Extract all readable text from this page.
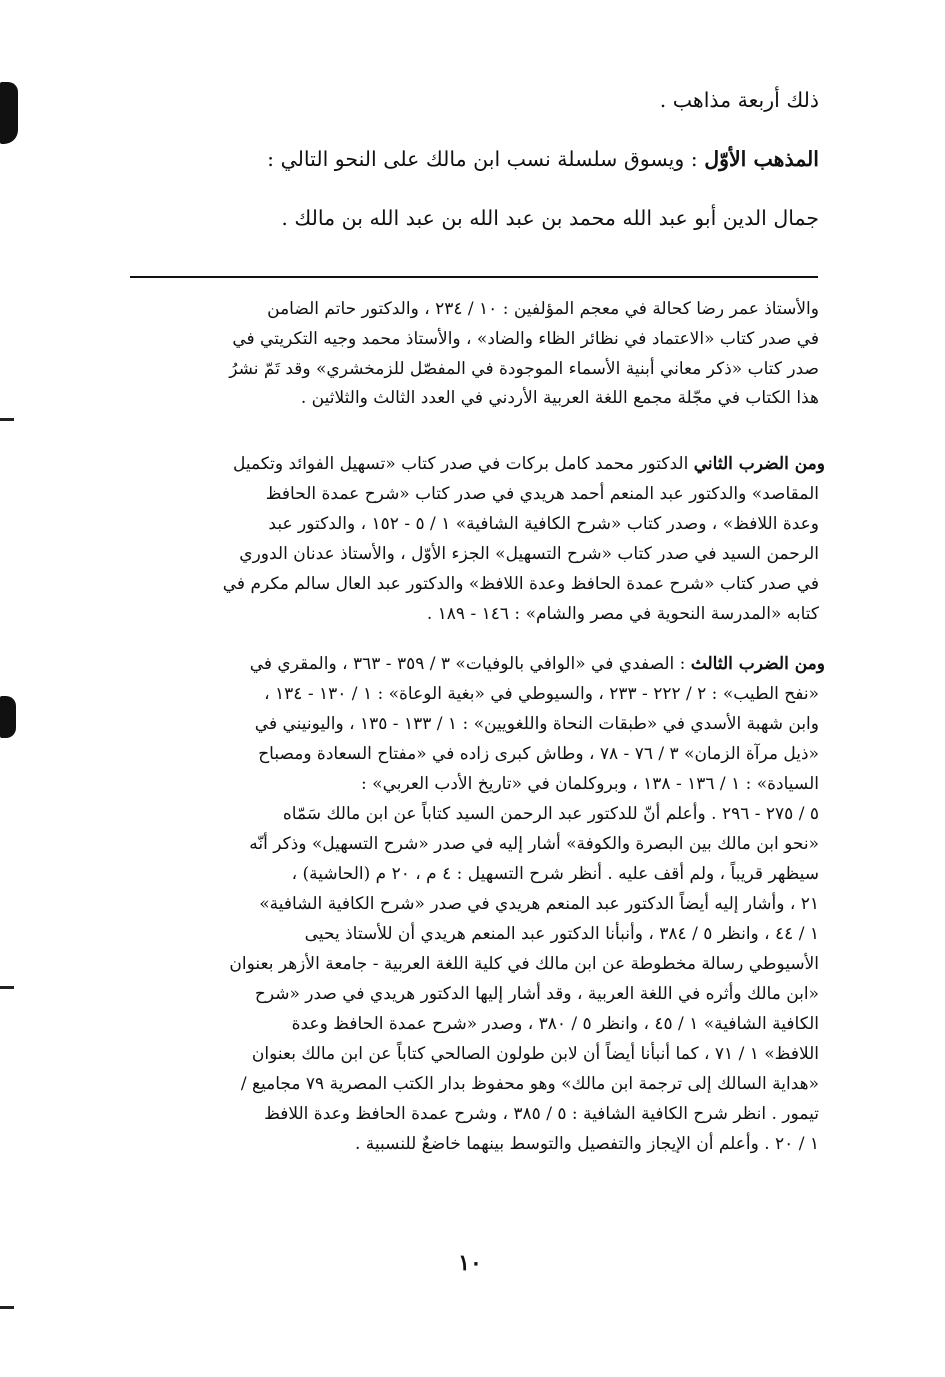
ذلك أربعة مذاهب .
المذهب الأوّل : ويسوق سلسلة نسب ابن مالك على النحو التالي :
جمال الدين أبو عبد الله محمد بن عبد الله بن عبد الله بن مالك .
والأستاذ عمر رضا كحالة في معجم المؤلفين : ١٠ / ٢٣٤ ، والدكتور حاتم الضامن
في صدر كتاب «الاعتماد في نظائر الظاء والضاد» ، والأستاذ محمد وجيه التكريتي في
صدر كتاب «ذكر معاني أبنية الأسماء الموجودة في المفصّل للزمخشري» وقد تَمّ نشرُ
هذا الكتاب في مجّلة مجمع اللغة العربية الأردني في العدد الثالث والثلاثين .
ومن الضرب الثاني الدكتور محمد كامل بركات في صدر كتاب «تسهيل الفوائد وتكميل
المقاصد» والدكتور عبد المنعم أحمد هريدي في صدر كتاب «شرح عمدة الحافظ
وعدة اللافظ» ، وصدر كتاب «شرح الكافية الشافية» ١ / ٥ - ١٥٢ ، والدكتور عبد
الرحمن السيد في صدر كتاب «شرح التسهيل» الجزء الأوّل ، والأستاذ عدنان الدوري
في صدر كتاب «شرح عمدة الحافظ وعدة اللافظ» والدكتور عبد العال سالم مكرم في
كتابه «المدرسة النحوية في مصر والشام» : ١٤٦ - ١٨٩ .
ومن الضرب الثالث : الصفدي في «الوافي بالوفيات» ٣ / ٣٥٩ - ٣٦٣ ، والمقري في
«نفح الطيب» : ٢ / ٢٢٢ - ٢٣٣ ، والسيوطي في «بغية الوعاة» : ١ / ١٣٠ - ١٣٤ ،
وابن شهبة الأسدي في «طبقات النحاة واللغويين» : ١ / ١٣٣ - ١٣٥ ، واليونيني في
«ذيل مرآة الزمان» ٣ / ٧٦ - ٧٨ ، وطاش كبرى زاده في «مفتاح السعادة ومصباح
السيادة» : ١ / ١٣٦ - ١٣٨ ، وبروكلمان في «تاريخ الأدب العربي» :
٥ / ٢٧٥ - ٢٩٦ . وأعلم أنّ للدكتور عبد الرحمن السيد كتاباً عن ابن مالك سَمّاه
«نحو ابن مالك بين البصرة والكوفة» أشار إليه في صدر «شرح التسهيل» وذكر أنّه
سيظهر قريباً ، ولم أقف عليه . أنظر شرح التسهيل : ٤ م ، ٢٠ م (الحاشية) ،
٢١ ، وأشار إليه أيضاً الدكتور عبد المنعم هريدي في صدر «شرح الكافية الشافية»
١ / ٤٤ ، وانظر ٥ / ٣٨٤ ، وأنبأنا الدكتور عبد المنعم هريدي أن للأستاذ يحيى
الأسيوطي رسالة مخطوطة عن ابن مالك في كلية اللغة العربية - جامعة الأزهر بعنوان
«ابن مالك وأثره في اللغة العربية ، وقد أشار إليها الدكتور هريدي في صدر «شرح
الكافية الشافية» ١ / ٤٥ ، وانظر ٥ / ٣٨٠ ، وصدر «شرح عمدة الحافظ وعدة
اللافظ» ١ / ٧١ ، كما أنبأنا أيضاً أن لابن طولون الصالحي كتاباً عن ابن مالك بعنوان
«هداية السالك إلى ترجمة ابن مالك» وهو محفوظ بدار الكتب المصرية ٧٩ مجاميع /
تيمور . انظر شرح الكافية الشافية : ٥ / ٣٨٥ ، وشرح عمدة الحافظ وعدة اللافظ
١ / ٢٠ . وأعلم أن الإيجاز والتفصيل والتوسط بينهما خاضعٌ للنسبية .
١٠
